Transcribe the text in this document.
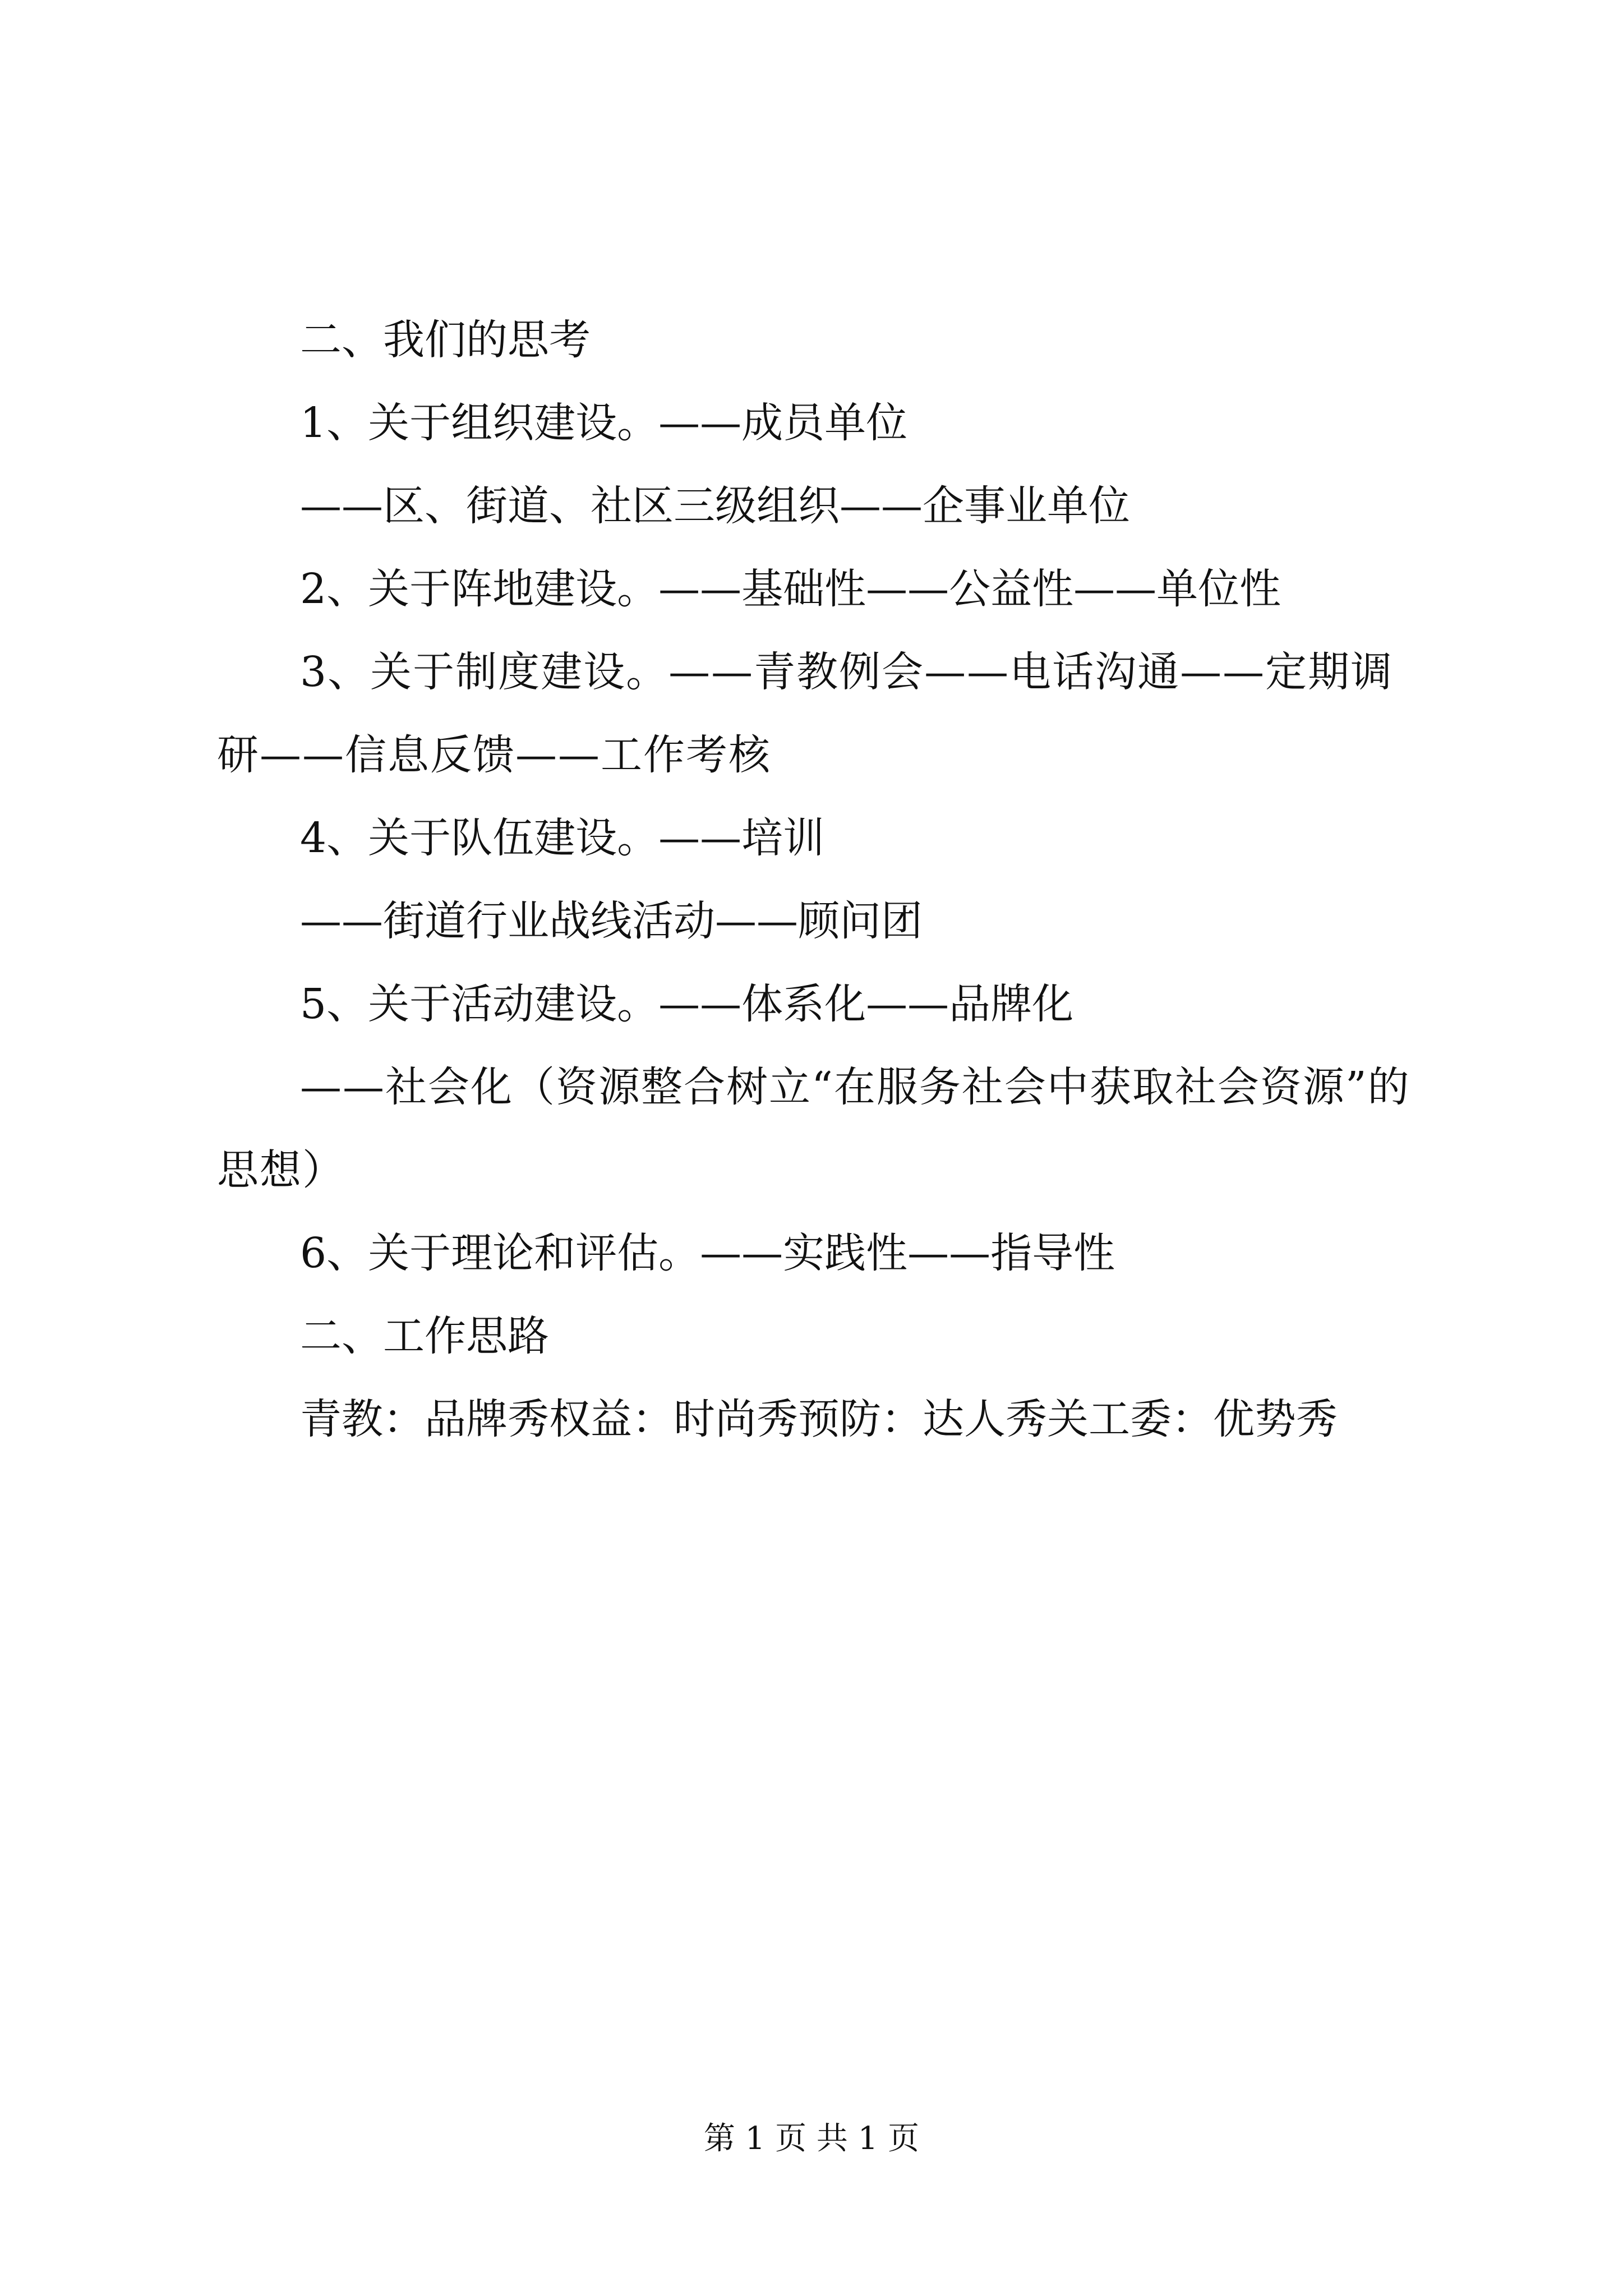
二、我们的思考

1、关于组织建设。——成员单位

——区、街道、社区三级组织——企事业单位

2、关于阵地建设。——基础性——公益性——单位性

3、关于制度建设。——青教例会——电话沟通——定期调研——信息反馈——工作考核

4、关于队伍建设。——培训

——街道行业战线活动——顾问团

5、关于活动建设。——体系化——品牌化

——社会化（资源整合树立“在服务社会中获取社会资源”的思想）

6、关于理论和评估。——实践性——指导性

二、工作思路

青教：品牌秀权益：时尚秀预防：达人秀关工委：优势秀

第 1 页 共 1 页
